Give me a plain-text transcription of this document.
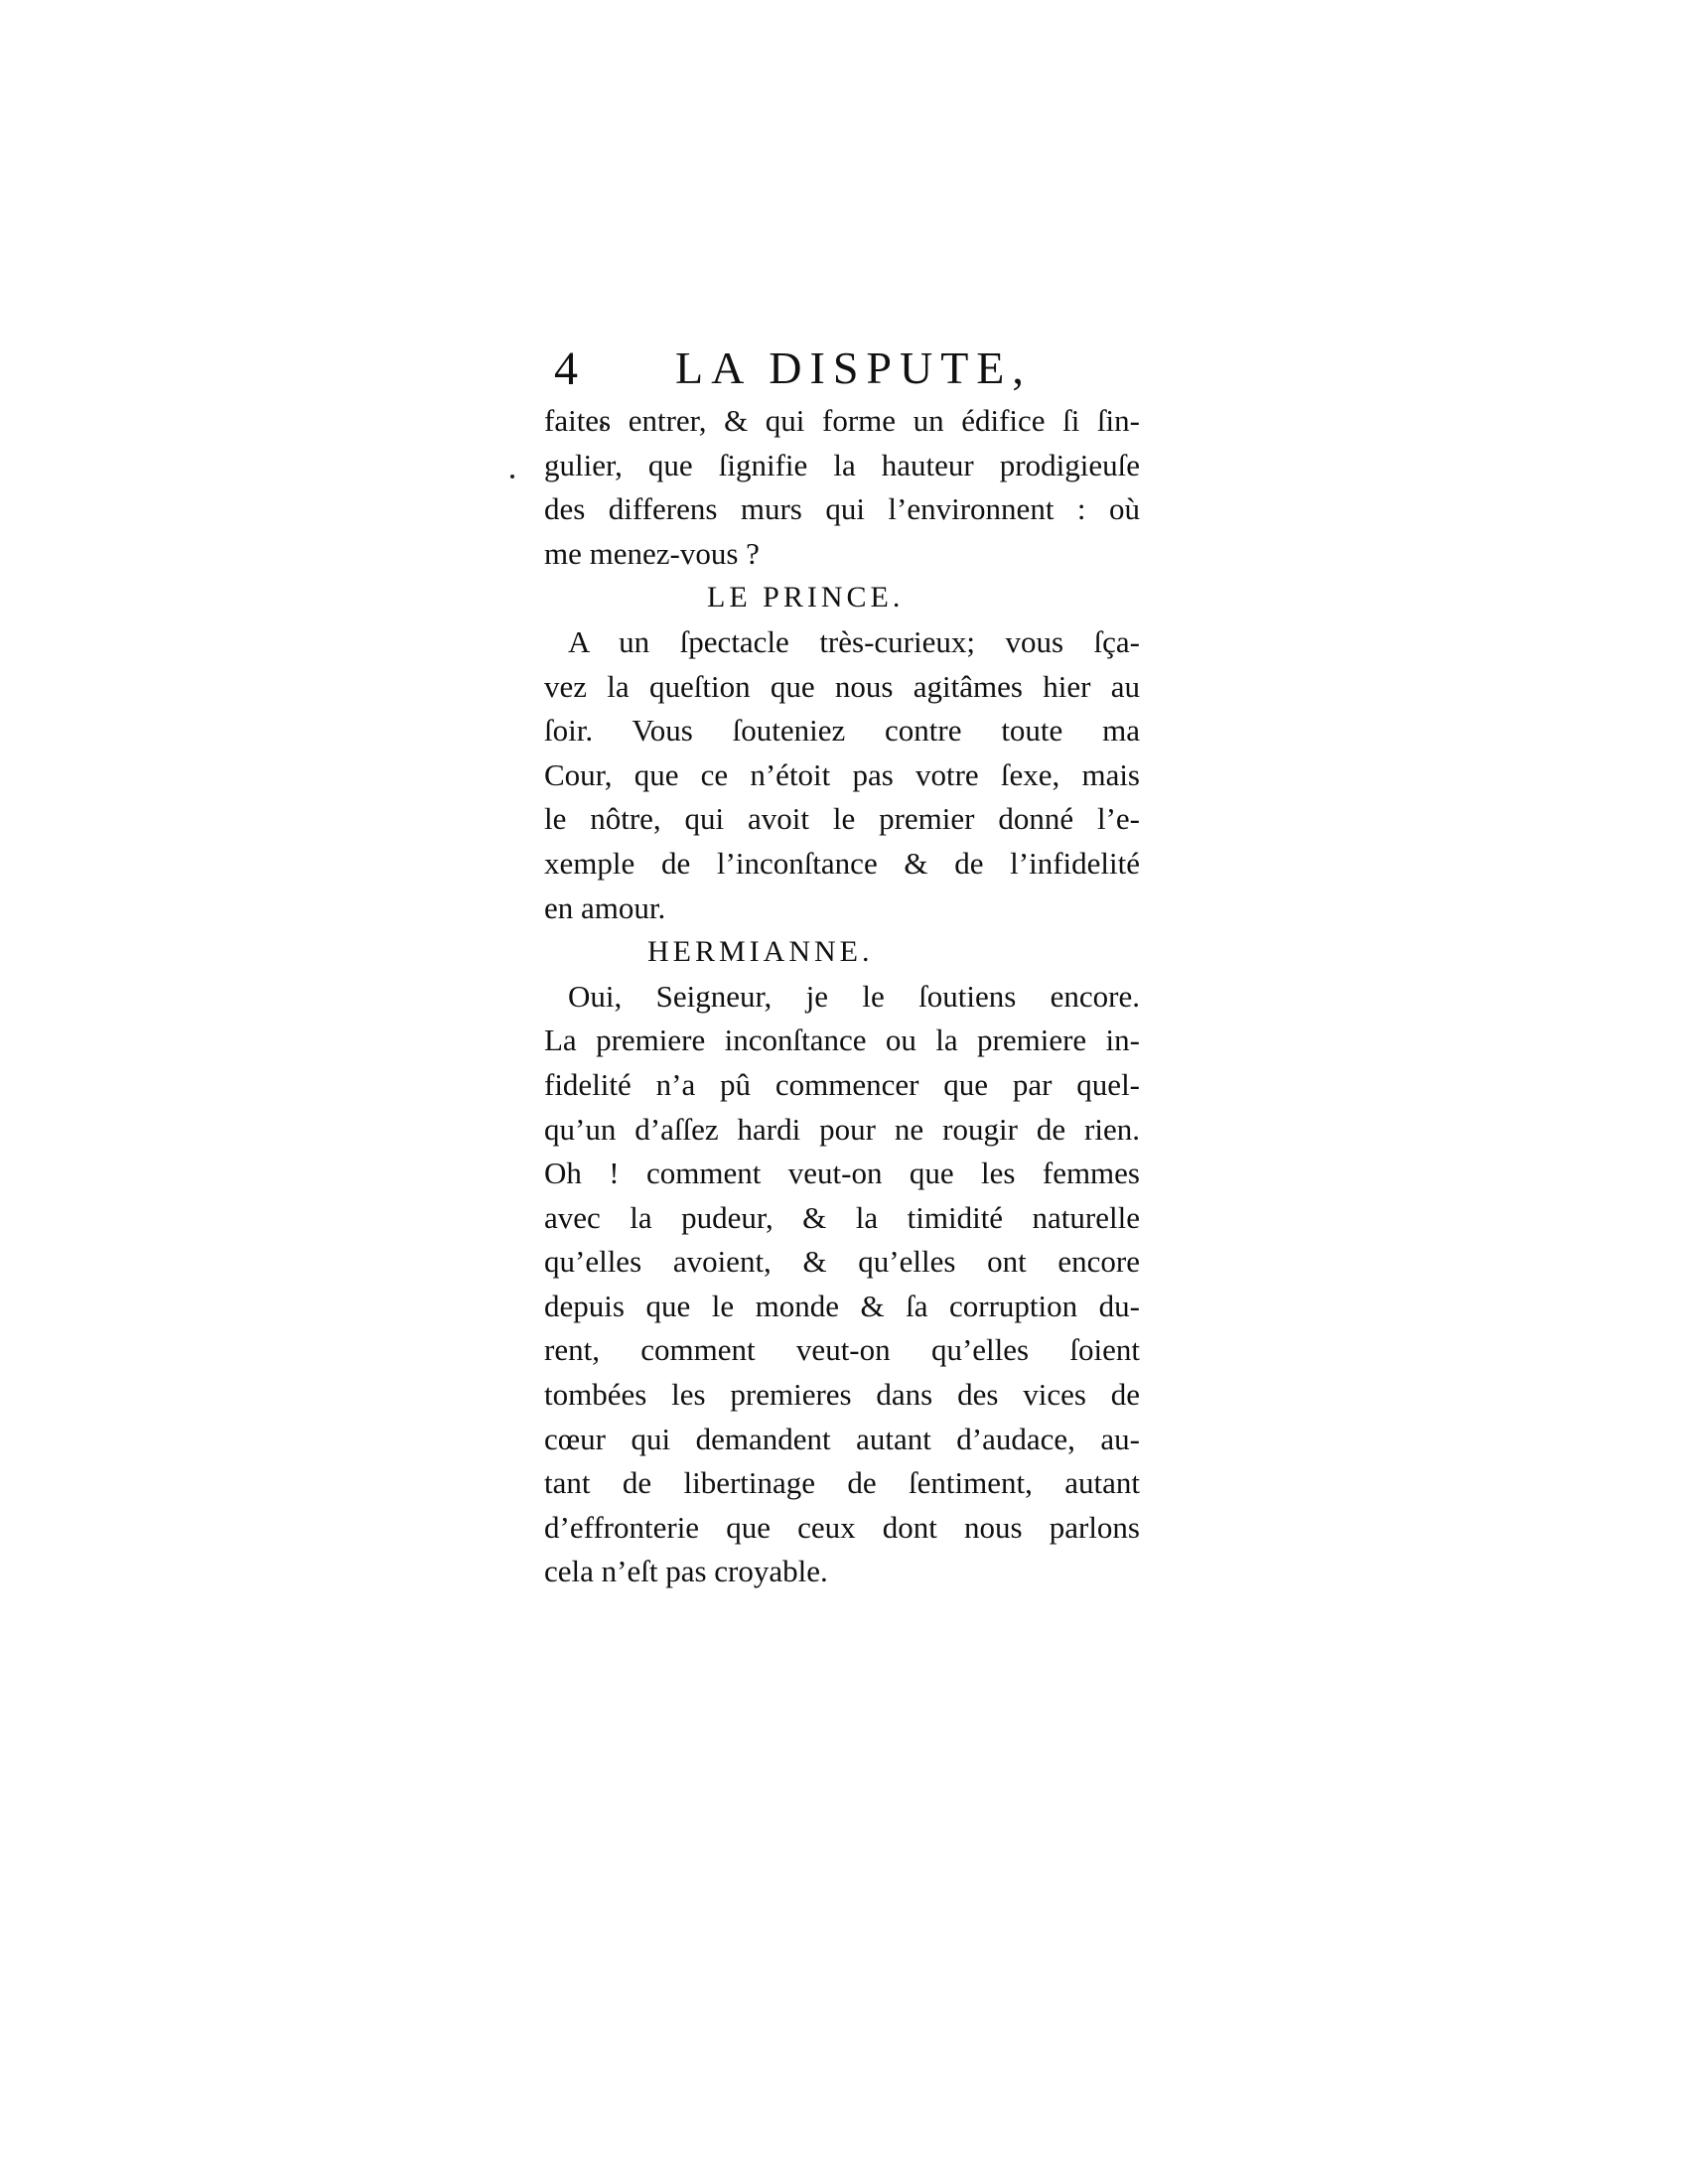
4 LA DISPUTE,
faites entrer, & qui forme un édifice ſi ſin-
gulier, que ſignifie la hauteur prodigieuſe
des differens murs qui l’environnent : où
me menez-vous ?
LE PRINCE.
A un ſpectacle très-curieux; vous ſça-
vez la queſtion que nous agitâmes hier au
ſoir. Vous ſouteniez contre toute ma
Cour, que ce n’étoit pas votre ſexe, mais
le nôtre, qui avoit le premier donné l’e-
xemple de l’inconſtance & de l’infidelité
en amour.
HERMIANNE.
Oui, Seigneur, je le ſoutiens encore.
La premiere inconſtance ou la premiere in-
fidelité n’a pû commencer que par quel-
qu’un d’aſſez hardi pour ne rougir de rien.
Oh ! comment veut-on que les femmes
avec la pudeur, & la timidité naturelle
qu’elles avoient, & qu’elles ont encore
depuis que le monde & ſa corruption du-
rent, comment veut-on qu’elles ſoient
tombées les premieres dans des vices de
cœur qui demandent autant d’audace, au-
tant de libertinage de ſentiment, autant
d’effronterie que ceux dont nous parlons
cela n’eſt pas croyable.
